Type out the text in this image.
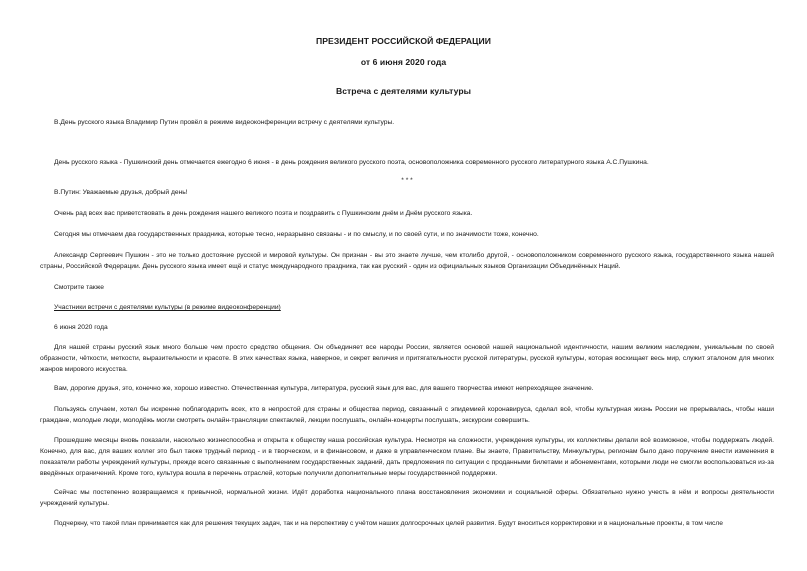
ПРЕЗИДЕНТ РОССИЙСКОЙ ФЕДЕРАЦИИ
от 6 июня 2020 года
Встреча с деятелями культуры
В.День русского языка Владимир Путин провёл в режиме видеоконференции встречу с деятелями культуры.
День русского языка - Пушкинский день отмечается ежегодно 6 июня - в день рождения великого русского поэта, основоположника современного русского литературного языка А.С.Пушкина.
* * *
В.Путин: Уважаемые друзья, добрый день!
Очень рад всех вас приветствовать в день рождения нашего великого поэта и поздравить с Пушкинским днём и Днём русского языка.
Сегодня мы отмечаем два государственных праздника, которые тесно, неразрывно связаны - и по смыслу, и по своей сути, и по значимости тоже, конечно.
Александр Сергеевич Пушкин - это не только достояние русской и мировой культуры. Он признан - вы это знаете лучше, чем ктолибо другой, - основоположником современного русского языка, государственного языка нашей страны, Российской Федерации. День русского языка имеет ещё и статус международного праздника, так как русский - один из официальных языков Организации Объединённых Наций.
Смотрите также
Участники встречи с деятелями культуры (в режиме видеоконференции)
6 июня 2020 года
Для нашей страны русский язык много больше чем просто средство общения. Он объединяет все народы России, является основой нашей национальной идентичности, нашим великим наследием, уникальным по своей образности, чёткости, меткости, выразительности и красоте. В этих качествах языка, наверное, и секрет величия и притягательности русской литературы, русской культуры, которая восхищает весь мир, служит эталоном для многих жанров мирового искусства.
Вам, дорогие друзья, это, конечно же, хорошо известно. Отечественная культура, литература, русский язык для вас, для вашего творчества имеют непреходящее значение.
Пользуясь случаем, хотел бы искренне поблагодарить всех, кто в непростой для страны и общества период, связанный с эпидемией коронавируса, сделал всё, чтобы культурная жизнь России не прерывалась, чтобы наши граждане, молодые люди, молодёжь могли смотреть онлайн-трансляции спектаклей, лекции послушать, онлайн-концерты послушать, экскурсии совершить.
Прошедшие месяцы вновь показали, насколько жизнеспособна и открыта к обществу наша российская культура. Несмотря на сложности, учреждения культуры, их коллективы делали всё возможное, чтобы поддержать людей. Конечно, для вас, для ваших коллег это был также трудный период - и в творческом, и в финансовом, и даже в управленческом плане. Вы знаете, Правительству, Минкультуры, регионам было дано поручение внести изменения в показатели работы учреждений культуры, прежде всего связанные с выполнением государственных заданий, дать предложения по ситуации с проданными билетами и абонементами, которыми люди не смогли воспользоваться из-за введённых ограничений. Кроме того, культура вошла в перечень отраслей, которые получили дополнительные меры государственной поддержки.
Сейчас мы постепенно возвращаемся к привычной, нормальной жизни. Идёт доработка национального плана восстановления экономики и социальной сферы. Обязательно нужно учесть в нём и вопросы деятельности учреждений культуры.
Подчеркну, что такой план принимается как для решения текущих задач, так и на перспективу с учётом наших долгосрочных целей развития. Будут вноситься корректировки и в национальные проекты, в том числе
